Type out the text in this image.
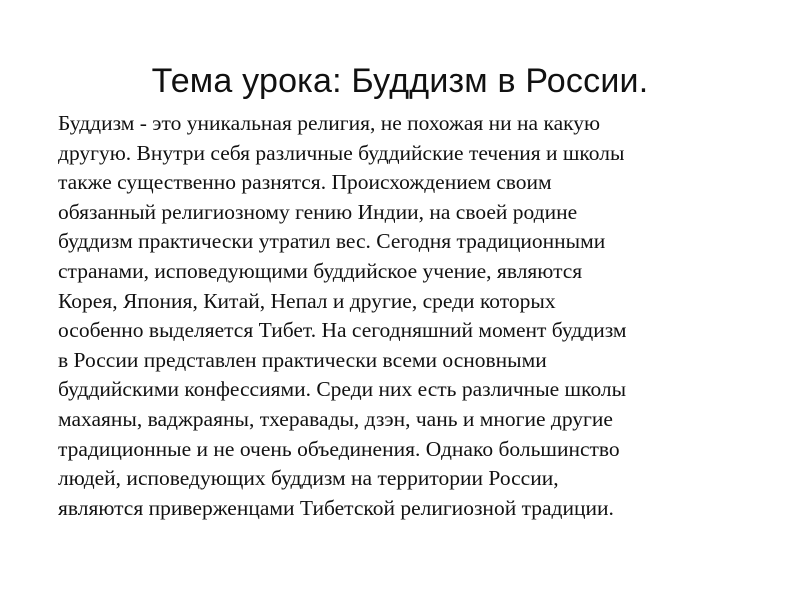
Тема урока: Буддизм в России.

Буддизм - это уникальная религия, не похожая ни на какую
другую. Внутри себя различные буддийские течения и школы
также существенно разнятся. Происхождением своим
обязанный религиозному гению Индии, на своей родине
буддизм практически утратил вес. Сегодня традиционными
странами, исповедующими буддийское учение, являются
Корея, Япония, Китай, Непал и другие, среди которых
особенно выделяется Тибет. На сегодняшний момент буддизм
в России представлен практически всеми основными
буддийскими конфессиями. Среди них есть различные школы
махаяны, ваджраяны, тхеравады, дзэн, чань и многие другие
традиционные и не очень объединения. Однако большинство
людей, исповедующих буддизм на территории России,
являются приверженцами Тибетской религиозной традиции.
